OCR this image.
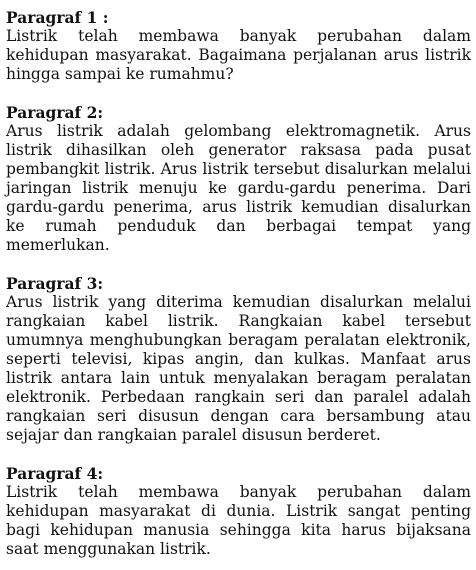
Paragraf 1 :
Listrik telah membawa banyak perubahan dalam kehidupan masyarakat. Bagaimana perjalanan arus listrik hingga sampai ke rumahmu?
Paragraf 2:
Arus listrik adalah gelombang elektromagnetik. Arus listrik dihasilkan oleh generator raksasa pada pusat pembangkit listrik. Arus listrik tersebut disalurkan melalui jaringan listrik menuju ke gardu-gardu penerima. Dari gardu-gardu penerima, arus listrik kemudian disalurkan ke rumah penduduk dan berbagai tempat yang memerlukan.
Paragraf 3:
Arus listrik yang diterima kemudian disalurkan melalui rangkaian kabel listrik. Rangkaian kabel tersebut umumnya menghubungkan beragam peralatan elektronik, seperti televisi, kipas angin, dan kulkas. Manfaat arus listrik antara lain untuk menyalakan beragam peralatan elektronik. Perbedaan rangkain seri dan paralel adalah rangkaian seri disusun dengan cara bersambung atau sejajar dan rangkaian paralel disusun berderet.
Paragraf 4:
Listrik telah membawa banyak perubahan dalam kehidupan masyarakat di dunia. Listrik sangat penting bagi kehidupan manusia sehingga kita harus bijaksana saat menggunakan listrik.
